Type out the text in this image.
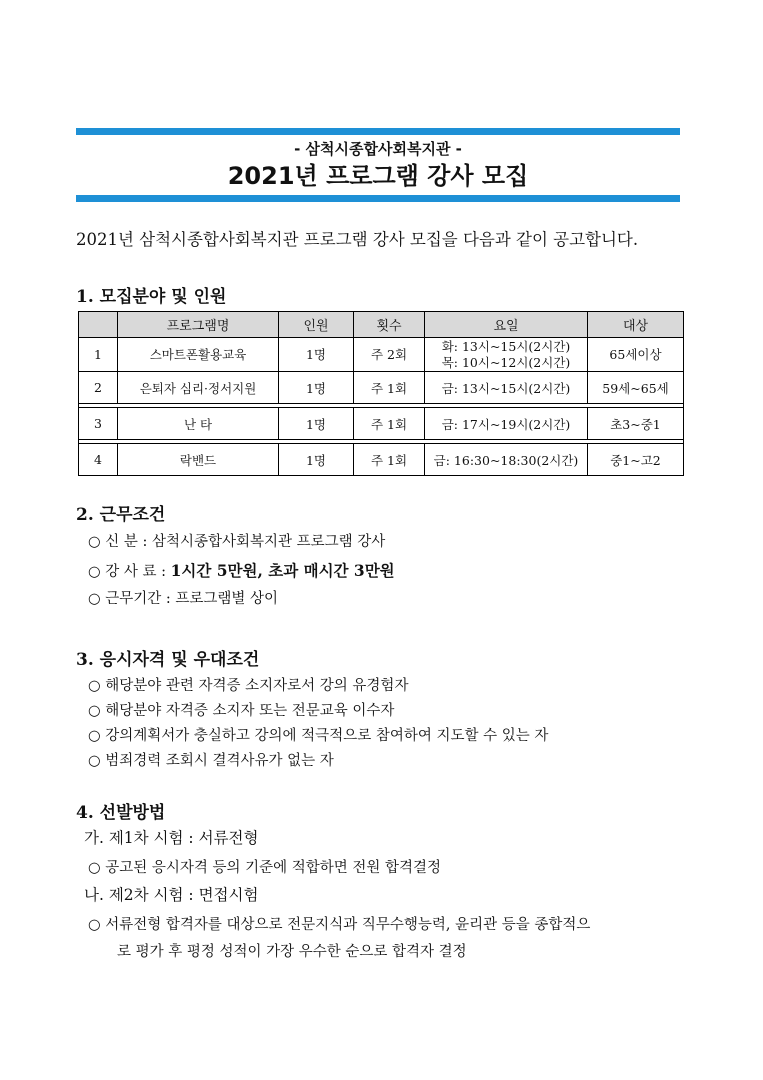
- 삼척시종합사회복지관 -
2021년 프로그램 강사 모집
2021년 삼척시종합사회복지관 프로그램 강사 모집을 다음과 같이 공고합니다.
1. 모집분야 및 인원
	프로그램명	인원	횟수	요일	대상
1	스마트폰활용교육	1명	주 2회	화: 13시~15시(2시간)
목: 10시~12시(2시간)	65세이상
2	은퇴자 심리·정서지원	1명	주 1회	금: 13시~15시(2시간)	59세~65세

3	난 타	1명	주 1회	금: 17시~19시(2시간)	초3~중1

4	락밴드	1명	주 1회	금: 16:30~18:30(2시간)	중1~고2
2. 근무조건
○ 신 분 : 삼척시종합사회복지관 프로그램 강사
○ 강 사 료 : 1시간 5만원, 초과 매시간 3만원
○ 근무기간 : 프로그램별 상이
3. 응시자격 및 우대조건
○ 해당분야 관련 자격증 소지자로서 강의 유경험자
○ 해당분야 자격증 소지자 또는 전문교육 이수자
○ 강의계획서가 충실하고 강의에 적극적으로 참여하여 지도할 수 있는 자
○ 범죄경력 조회시 결격사유가 없는 자
4. 선발방법
가. 제1차 시험 : 서류전형
○ 공고된 응시자격 등의 기준에 적합하면 전원 합격결정
나. 제2차 시험 : 면접시험
○ 서류전형 합격자를 대상으로 전문지식과 직무수행능력, 윤리관 등을 종합적으
로 평가 후 평정 성적이 가장 우수한 순으로 합격자 결정
